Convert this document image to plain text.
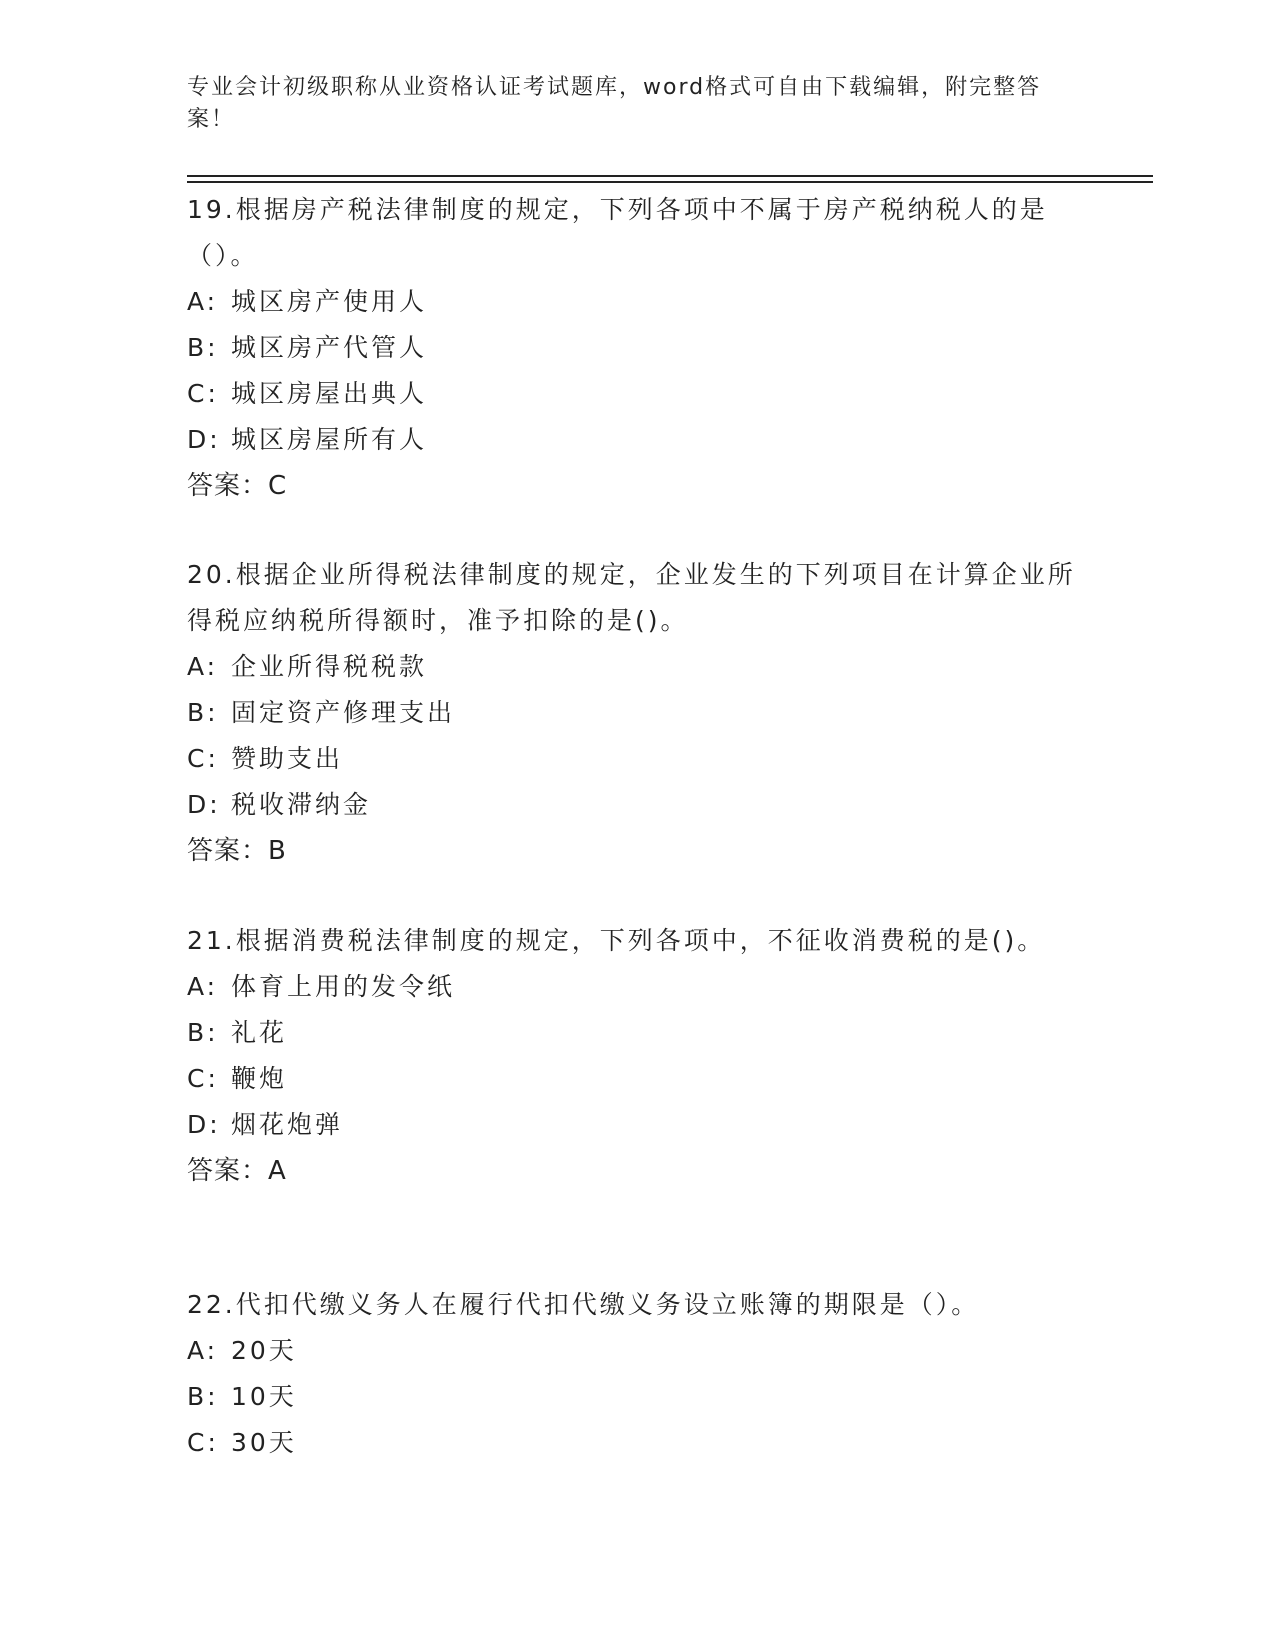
专业会计初级职称从业资格认证考试题库，word格式可自由下载编辑，附完整答案！
19.根据房产税法律制度的规定，下列各项中不属于房产税纳税人的是（）。
A: 城区房产使用人
B: 城区房产代管人
C: 城区房屋出典人
D: 城区房屋所有人
答案：C
20.根据企业所得税法律制度的规定，企业发生的下列项目在计算企业所得税应纳税所得额时，准予扣除的是()。
A: 企业所得税税款
B: 固定资产修理支出
C: 赞助支出
D: 税收滞纳金
答案：B
21.根据消费税法律制度的规定，下列各项中，不征收消费税的是()。
A: 体育上用的发令纸
B: 礼花
C: 鞭炮
D: 烟花炮弹
答案：A
22.代扣代缴义务人在履行代扣代缴义务设立账簿的期限是（）。
A: 20天
B: 10天
C: 30天
